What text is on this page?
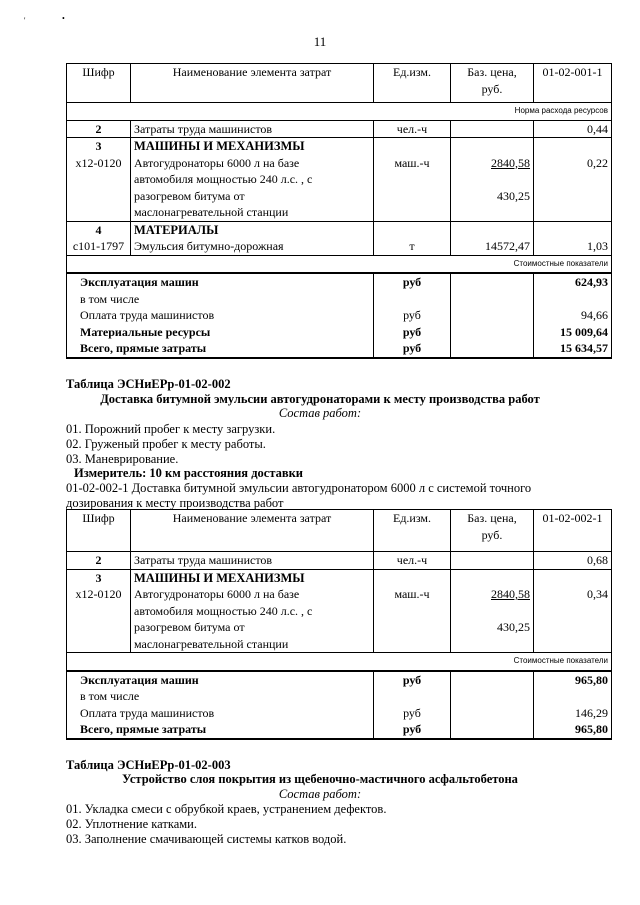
'	•
11
Шифр	Наименование элемента затрат	Ед.изм.	Баз. цена,
руб.	01-02-001-1
Норма расхода ресурсов				
2	Затраты труда машинистов	чел.-ч		0,44
3	МАШИНЫ И МЕХАНИЗМЫ			
х12-0120	Автогудронаторы 6000 л на базе	маш.-ч	2840,58	0,22
	автомобиля мощностью 240 л.с. , с			
	разогревом битума от		430,25	
	маслонагревательной станции			
4	МАТЕРИАЛЫ			
с101-1797	Эмульсия битумно-дорожная	т	14572,47	1,03
Стоимостные показатели				
Эксплуатация машин		руб		624,93
в том числе				
Оплата труда машинистов		руб		94,66
Материальные ресурсы		руб		15 009,64
Всего, прямые затраты		руб		15 634,57
Таблица ЭСНиЕРр-01-02-002
Доставка битумной эмульсии автогудронаторами к месту производства работ
Состав работ:
01. Порожний пробег к месту загрузки.
02. Груженый пробег к месту работы.
03. Маневрирование.
Измеритель: 10 км расстояния доставки
01-02-002-1 Доставка битумной эмульсии автогудронатором 6000 л с системой точного
дозирования к месту производства работ
Шифр	Наименование элемента затрат	Ед.изм.	Баз. цена,
руб.	01-02-002-1
2	Затраты труда машинистов	чел.-ч		0,68
3	МАШИНЫ И МЕХАНИЗМЫ			
х12-0120	Автогудронаторы 6000 л на базе	маш.-ч	2840,58	0,34
	автомобиля мощностью 240 л.с. , с			
	разогревом битума от		430,25	
	маслонагревательной станции			
Стоимостные показатели				
Эксплуатация машин		руб		965,80
в том числе				
Оплата труда машинистов		руб		146,29
Всего, прямые затраты		руб		965,80
Таблица ЭСНиЕРр-01-02-003
Устройство слоя покрытия из щебеночно-мастичного асфальтобетона
Состав работ:
01. Укладка смеси с обрубкой краев, устранением дефектов.
02. Уплотнение катками.
03. Заполнение смачивающей системы катков водой.
